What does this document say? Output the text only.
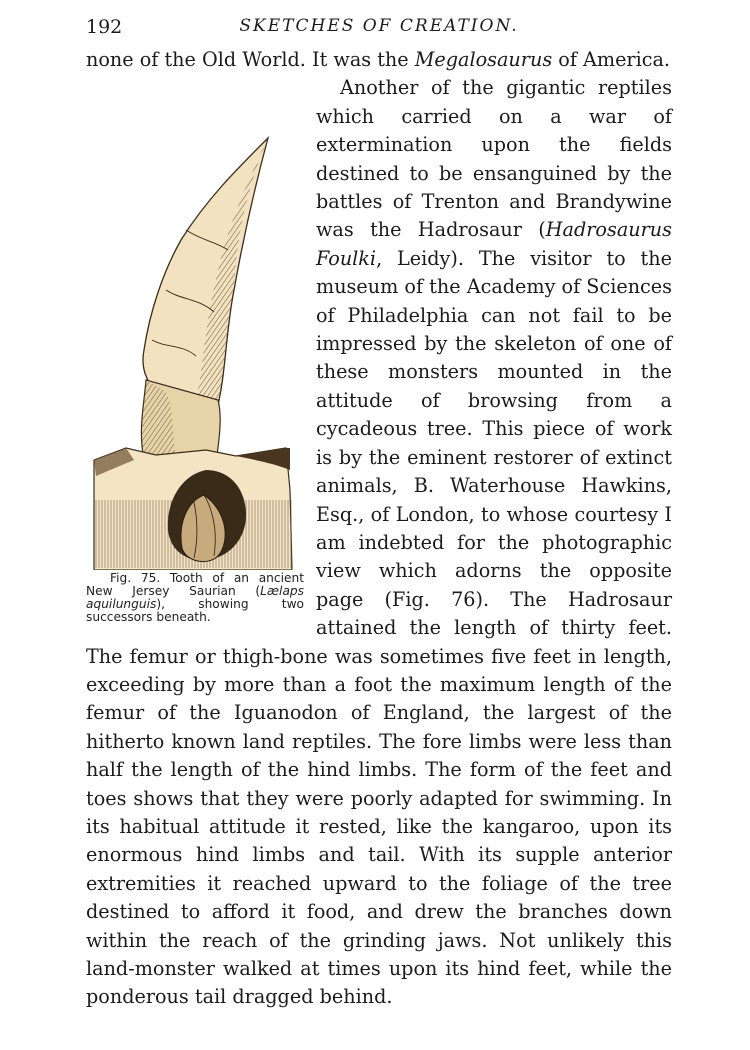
192	SKETCHES OF CREATION.

none of the Old World. It was the Megalosaurus of America.

Fig. 75. Tooth of an ancient New Jersey Saurian (Lælaps aquilunguis), showing two successors beneath.
Another of the gigantic reptiles which carried on a war of extermination upon the fields destined to be ensanguined by the battles of Trenton and Brandywine was the Hadrosaur (Hadrosaurus Foulki, Leidy). The visitor to the museum of the Academy of Sciences of Philadelphia can not fail to be impressed by the skeleton of one of these monsters mounted in the attitude of browsing from a cycadeous tree. This piece of work is by the eminent restorer of extinct animals, B. Waterhouse Hawkins, Esq., of London, to whose courtesy I am indebted for the photographic view which adorns the opposite page (Fig. 76). The Hadrosaur attained the length of thirty feet. The femur or thigh-bone was sometimes five feet in length, exceeding by more than a foot the maximum length of the femur of the Iguanodon of England, the largest of the hitherto known land reptiles. The fore limbs were less than half the length of the hind limbs. The form of the feet and toes shows that they were poorly adapted for swimming. In its habitual attitude it rested, like the kangaroo, upon its enormous hind limbs and tail. With its supple anterior extremities it reached upward to the foliage of the tree destined to afford it food, and drew the branches down within the reach of the grinding jaws. Not unlikely this land-monster walked at times upon its hind feet, while the ponderous tail dragged behind.
